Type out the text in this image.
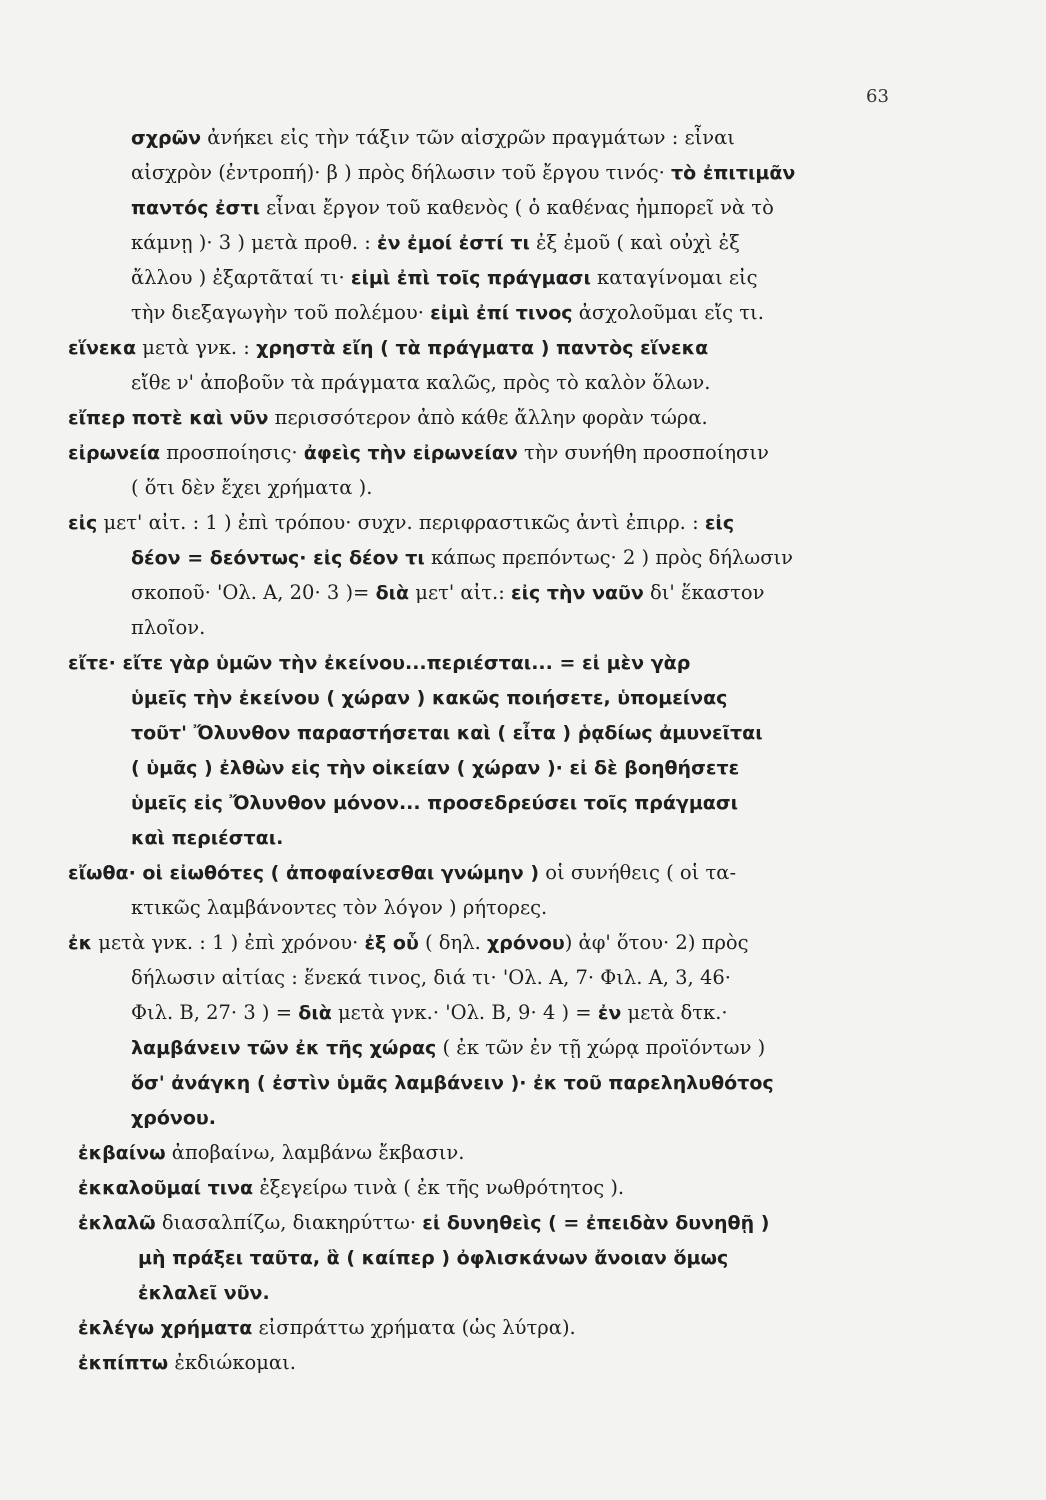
63
σχρῶν ἀνήκει εἰς τὴν τάξιν τῶν αἰσχρῶν πραγμάτων : εἶναι
αἰσχρὸν (ἐντροπή)· β ) πρὸς δήλωσιν τοῦ ἔργου τινός· τὸ ἐπιτιμᾶν
παντός ἐστι εἶναι ἔργον τοῦ καθενὸς ( ὁ καθένας ἠμπορεῖ νὰ τὸ
κάμνῃ )· 3 ) μετὰ προθ. : ἐν ἐμοί ἐστί τι ἐξ ἐμοῦ ( καὶ οὐχὶ ἐξ
ἄλλου ) ἐξαρτᾶταί τι· εἰμὶ ἐπὶ τοῖς πράγμασι καταγίνομαι εἰς
τὴν διεξαγωγὴν τοῦ πολέμου· εἰμὶ ἐπί τινος ἀσχολοῦμαι εἴς τι.
εἵνεκα μετὰ γνκ. : χρηστὰ εἴη ( τὰ πράγματα ) παντὸς εἵνεκα
εἴθε ν' ἀποβοῦν τὰ πράγματα καλῶς, πρὸς τὸ καλὸν ὅλων.
εἴπερ ποτὲ καὶ νῦν περισσότερον ἀπὸ κάθε ἄλλην φορὰν τώρα.
εἰρωνεία προσποίησις· ἀφεὶς τὴν εἰρωνείαν τὴν συνήθη προσποίησιν
( ὅτι δὲν ἔχει χρήματα ).
εἰς μετ' αἰτ. : 1 ) ἐπὶ τρόπου· συχν. περιφραστικῶς ἀντὶ ἐπιρρ. : εἰς
δέον = δεόντως· εἰς δέον τι κάπως πρεπόντως· 2 ) πρὸς δήλωσιν
σκοποῦ· 'Ολ. Α, 20· 3 )= διὰ μετ' αἰτ.: εἰς τὴν ναῦν δι' ἕκαστον
πλοῖον.
εἴτε· εἴτε γὰρ ὑμῶν τὴν ἐκείνου...περιέσται... = εἰ μὲν γὰρ
ὑμεῖς τὴν ἐκείνου ( χώραν ) κακῶς ποιήσετε, ὑπομείνας
τοῦτ' Ὄλυνθον παραστήσεται καὶ ( εἶτα ) ῥᾳδίως ἀμυνεῖται
( ὑμᾶς ) ἐλθὼν εἰς τὴν οἰκείαν ( χώραν )· εἰ δὲ βοηθήσετε
ὑμεῖς εἰς Ὄλυνθον μόνον... προσεδρεύσει τοῖς πράγμασι
καὶ περιέσται.
εἴωθα· οἱ εἰωθότες ( ἀποφαίνεσθαι γνώμην ) οἱ συνήθεις ( οἱ τα-
κτικῶς λαμβάνοντες τὸν λόγον ) ρήτορες.
ἐκ μετὰ γνκ. : 1 ) ἐπὶ χρόνου· ἐξ οὗ ( δηλ. χρόνου) ἀφ' ὅτου· 2) πρὸς
δήλωσιν αἰτίας : ἕνεκά τινος, διά τι· 'Ολ. Α, 7· Φιλ. Α, 3, 46·
Φιλ. Β, 27· 3 ) = διὰ μετὰ γνκ.· 'Ολ. Β, 9· 4 ) = ἐν μετὰ δτκ.·
λαμβάνειν τῶν ἐκ τῆς χώρας ( ἐκ τῶν ἐν τῇ χώρᾳ προϊόντων )
ὅσ' ἀνάγκη ( ἐστὶν ὑμᾶς λαμβάνειν )· ἐκ τοῦ παρεληλυθότος
χρόνου.
ἐκβαίνω ἀποβαίνω, λαμβάνω ἔκβασιν.
ἐκκαλοῦμαί τινα ἐξεγείρω τινὰ ( ἐκ τῆς νωθρότητος ).
ἐκλαλῶ διασαλπίζω, διακηρύττω· εἰ δυνηθεὶς ( = ἐπειδὰν δυνηθῇ )
μὴ πράξει ταῦτα, ἃ ( καίπερ ) ὀφλισκάνων ἄνοιαν ὅμως
ἐκλαλεῖ νῦν.
ἐκλέγω χρήματα εἰσπράττω χρήματα (ὡς λύτρα).
ἐκπίπτω ἐκδιώκομαι.
